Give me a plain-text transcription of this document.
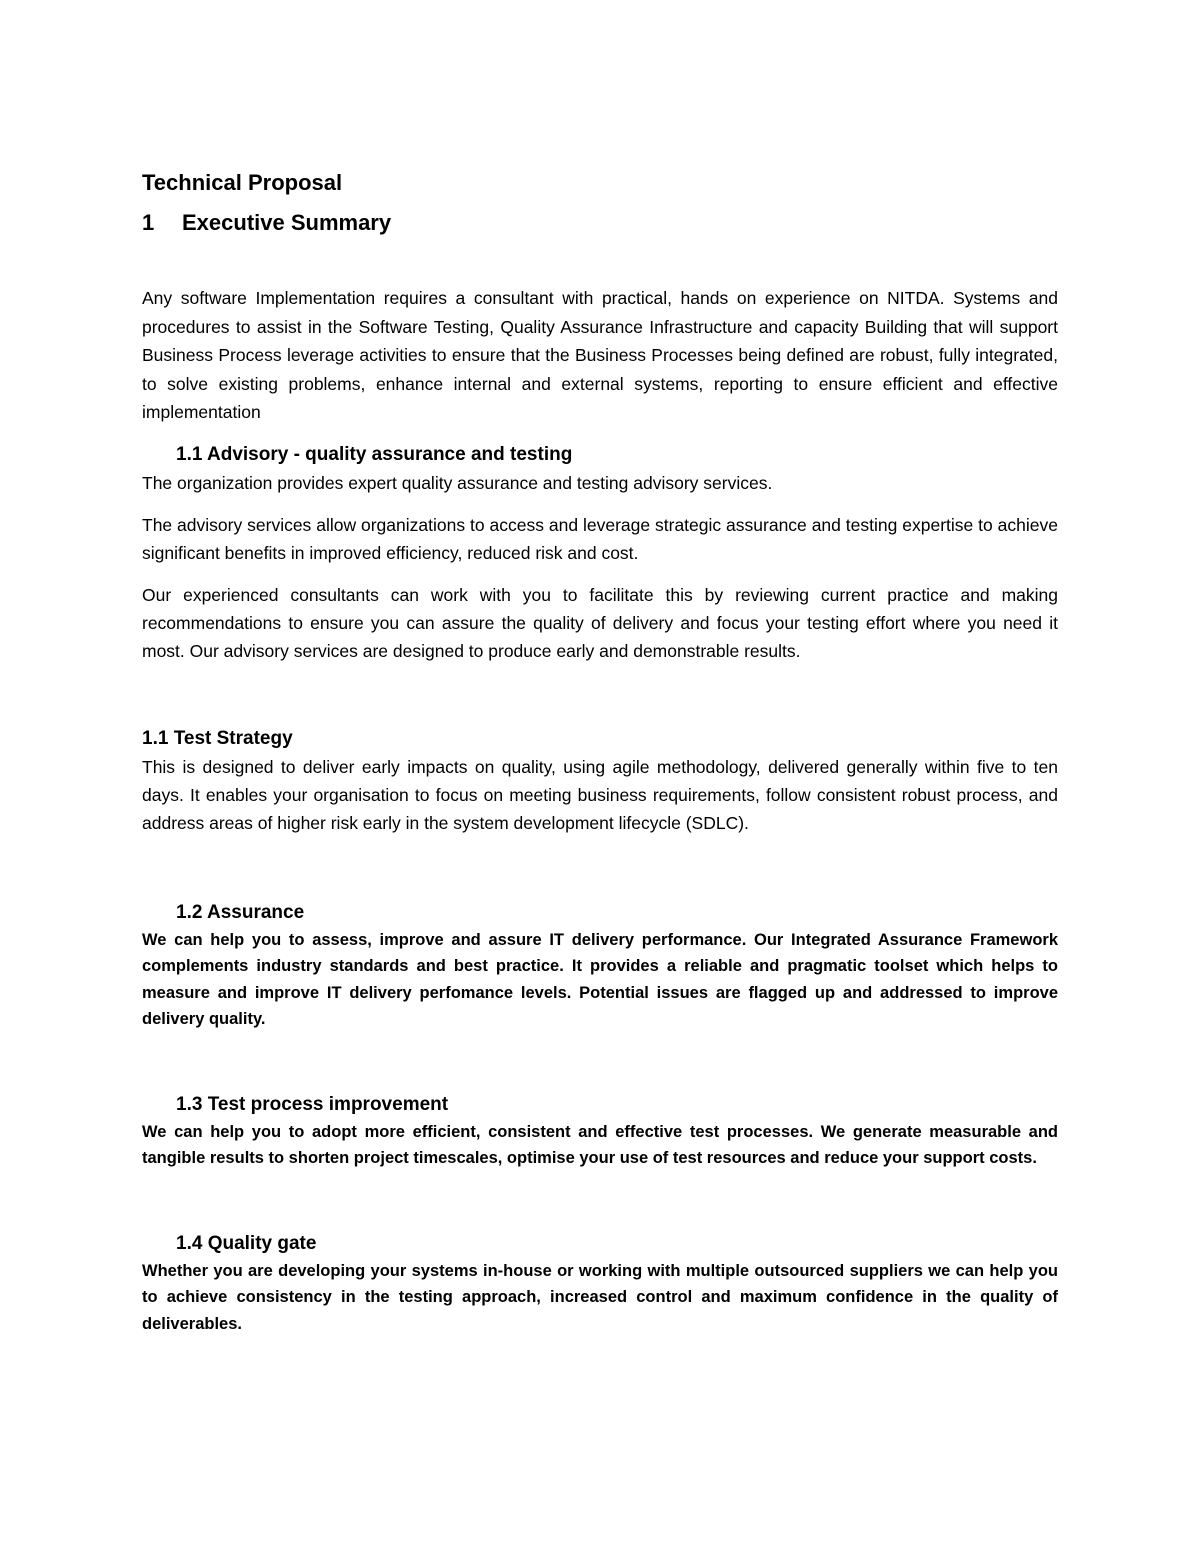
Technical Proposal
1	Executive Summary

Any software Implementation requires a consultant with practical, hands on experience on NITDA. Systems and procedures to assist in the Software Testing, Quality Assurance Infrastructure and capacity Building that will support Business Process leverage activities to ensure that the Business Processes being defined are robust, fully integrated, to solve existing problems, enhance internal and external systems, reporting to ensure efficient and effective implementation

1.1 Advisory - quality assurance and testing

The organization provides expert quality assurance and testing advisory services.

The advisory services allow organizations to access and leverage strategic assurance and testing expertise to achieve significant benefits in improved efficiency, reduced risk and cost.

Our experienced consultants can work with you to facilitate this by reviewing current practice and making recommendations to ensure you can assure the quality of delivery and focus your testing effort where you need it most. Our advisory services are designed to produce early and demonstrable results.

1.1 Test Strategy

This is designed to deliver early impacts on quality, using agile methodology, delivered generally within five to ten days. It enables your organisation to focus on meeting business requirements, follow consistent robust process, and address areas of higher risk early in the system development lifecycle (SDLC).

1.2 Assurance

We can help you to assess, improve and assure IT delivery performance. Our Integrated Assurance Framework complements industry standards and best practice. It provides a reliable and pragmatic toolset which helps to measure and improve IT delivery perfomance levels. Potential issues are flagged up and addressed to improve delivery quality.

1.3 Test process improvement

We can help you to adopt more efficient, consistent and effective test processes. We generate measurable and tangible results to shorten project timescales, optimise your use of test resources and reduce your support costs.

1.4 Quality gate

Whether you are developing your systems in-house or working with multiple outsourced suppliers we can help you to achieve consistency in the testing approach, increased control and maximum confidence in the quality of deliverables.
